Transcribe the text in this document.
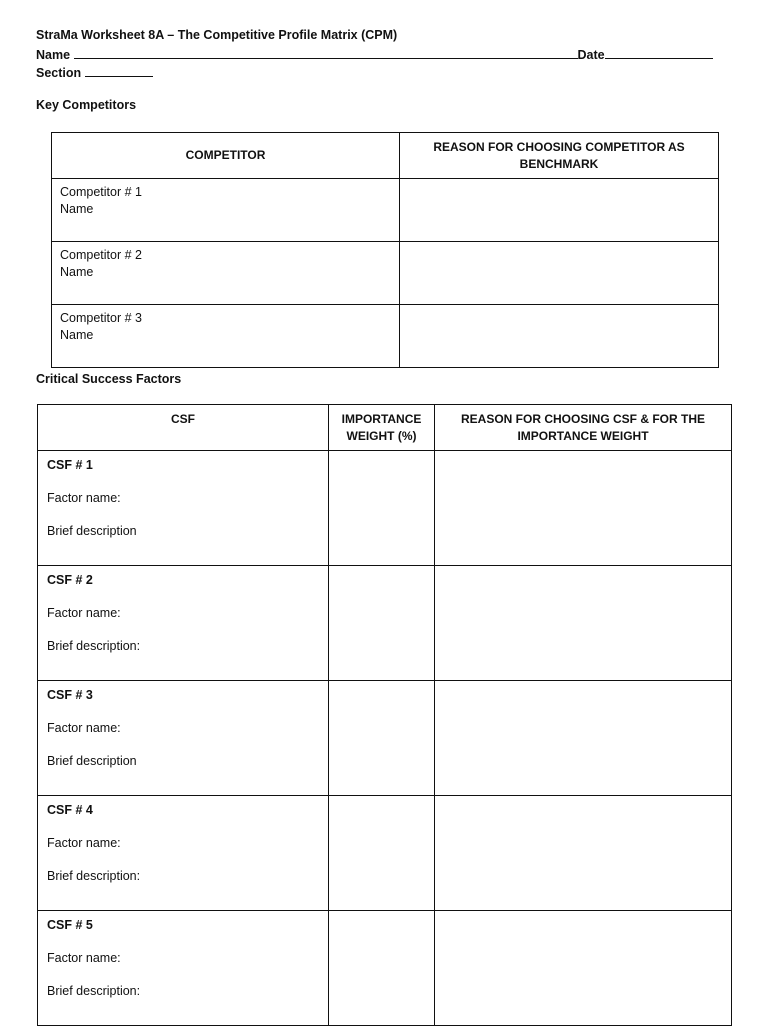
StraMa Worksheet 8A – The Competitive Profile Matrix (CPM)
Name	Date
Section
Key Competitors
COMPETITOR	REASON FOR CHOOSING COMPETITOR AS BENCHMARK

Competitor # 1
Name	

Competitor # 2
Name	

Competitor # 3
Name	

Critical Success Factors
CSF	IMPORTANCE WEIGHT (%)	REASON FOR CHOOSING CSF & FOR THE IMPORTANCE WEIGHT

CSF # 1
Factor name:
Brief description		

CSF # 2
Factor name:
Brief description:		

CSF # 3
Factor name:
Brief description		

CSF # 4
Factor name:
Brief description:		

CSF # 5
Factor name:
Brief description:		
